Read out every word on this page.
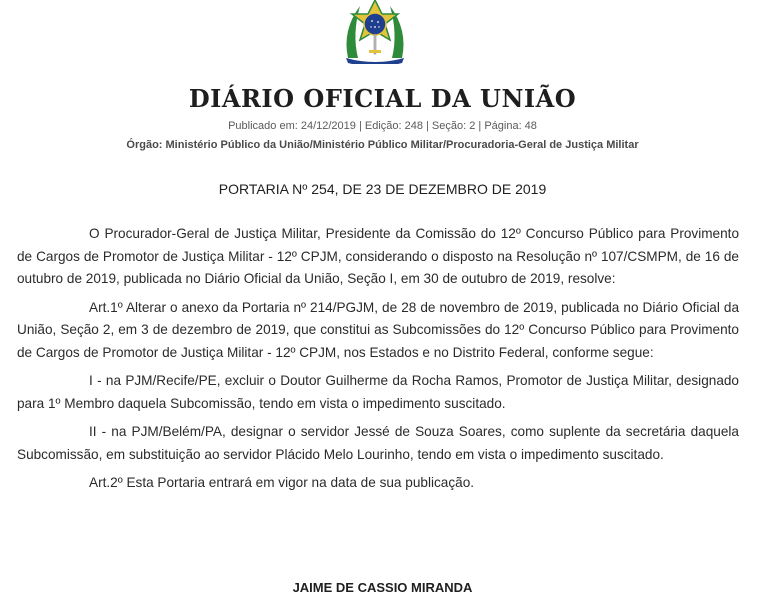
DIÁRIO OFICIAL DA UNIÃO
Publicado em: 24/12/2019 | Edição: 248 | Seção: 2 | Página: 48
Órgão: Ministério Público da União/Ministério Público Militar/Procuradoria-Geral de Justiça Militar
PORTARIA Nº 254, DE 23 DE DEZEMBRO DE 2019

O Procurador-Geral de Justiça Militar, Presidente da Comissão do 12º Concurso Público para Provimento de Cargos de Promotor de Justiça Militar - 12º CPJM, considerando o disposto na Resolução nº 107/CSMPM, de 16 de outubro de 2019, publicada no Diário Oficial da União, Seção I, em 30 de outubro de 2019, resolve:

Art.1º Alterar o anexo da Portaria nº 214/PGJM, de 28 de novembro de 2019, publicada no Diário Oficial da União, Seção 2, em 3 de dezembro de 2019, que constitui as Subcomissões do 12º Concurso Público para Provimento de Cargos de Promotor de Justiça Militar - 12º CPJM, nos Estados e no Distrito Federal, conforme segue:

I - na PJM/Recife/PE, excluir o Doutor Guilherme da Rocha Ramos, Promotor de Justiça Militar, designado para 1º Membro daquela Subcomissão, tendo em vista o impedimento suscitado.

II - na PJM/Belém/PA, designar o servidor Jessé de Souza Soares, como suplente da secretária daquela Subcomissão, em substituição ao servidor Plácido Melo Lourinho, tendo em vista o impedimento suscitado.

Art.2º Esta Portaria entrará em vigor na data de sua publicação.

JAIME DE CASSIO MIRANDA
